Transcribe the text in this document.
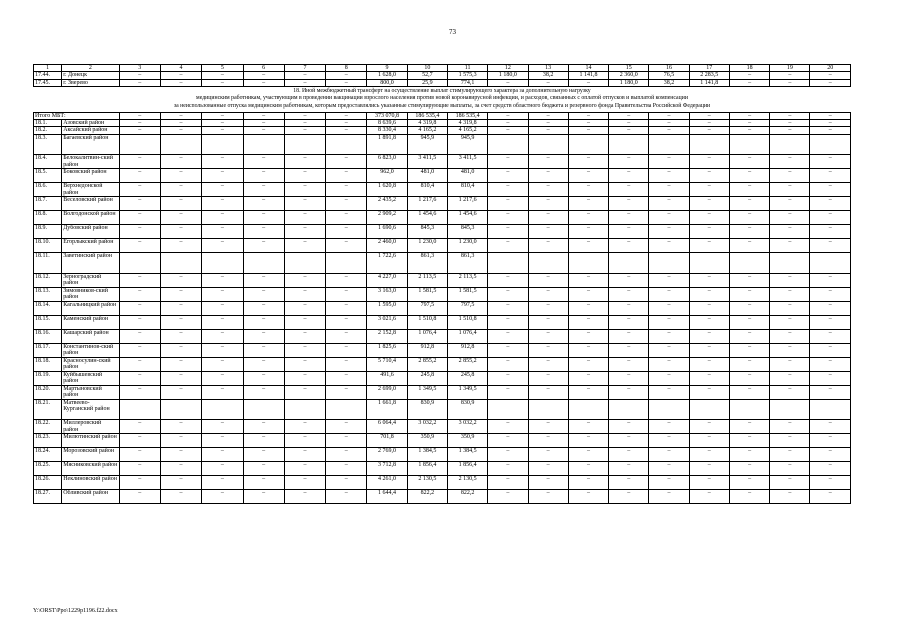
73
1	2	3	4	5	6	7	8	9	10	11	12	13	14	15	16	17	18	19	20
17.44.	г. Донецк	–	–	–	–	–	–	1 628,0	52,7	1 575,3	1 180,0	38,2	1 141,8	2 360,0	76,5	2 283,5	–	–	–
17.45.	г. Зверево	–	–	–	–	–	–	800,0	25,9	774,1	–	–	–	1 180,0	38,2	1 141,8	–	–	–

18. Иной межбюджетный трансферт на осуществление выплат стимулирующего характера за дополнительную нагрузку
медицинским работникам, участвующим в проведении вакцинации взрослого населения против новой коронавирусной инфекции, и расходов, связанных с оплатой отпусков и выплатой компенсации
за неиспользованные отпуска медицинским работникам, которым предоставлялись указанные стимулирующие выплаты, за счет средств областного бюджета и резервного фонда Правительства Российской Федерации																			

Итого МБТ:		–	–	–	–	–	–	373 070,8	186 535,4	186 535,4	–	–	–	–	–	–	–	–	–
18.1.	Азовский район	–	–	–	–	–	–	8 639,6	4 319,8	4 319,8	–	–	–	–	–	–	–	–	–
18.2.	Аксайский район	–	–	–	–	–	–	8 330,4	4 165,2	4 165,2	–	–	–	–	–	–	–	–	–
18.3.	Багаевский район							1 891,8	945,9	945,9									
18.4.	Белокалитвин-ский район	–	–	–	–	–	–	6 823,0	3 411,5	3 411,5	–	–	–	–	–	–	–	–	–
18.5.	Боковский район	–	–	–	–	–	–	962,0	481,0	481,0	–	–	–	–	–	–	–	–	–
18.6.	Верхнедонской район	–	–	–	–	–	–	1 620,8	810,4	810,4	–	–	–	–	–	–	–	–	–
18.7.	Веселовский район	–	–	–	–	–	–	2 435,2	1 217,6	1 217,6	–	–	–	–	–	–	–	–	–
18.8.	Волгодонской район	–	–	–	–	–	–	2 909,2	1 454,6	1 454,6	–	–	–	–	–	–	–	–	–
18.9.	Дубовский район	–	–	–	–	–	–	1 690,6	845,3	845,3	–	–	–	–	–	–	–	–	–
18.10.	Егорлыкский район	–	–	–	–	–	–	2 460,0	1 230,0	1 230,0	–	–	–	–	–	–	–	–	–
18.11.	Заветинский район							1 722,6	861,3	861,3									
18.12.	Зерноградский район	–	–	–	–	–	–	4 227,0	2 113,5	2 113,5	–	–	–	–	–	–	–	–	–
18.13.	Зимовников-ский район	–	–	–	–	–	–	3 163,0	1 581,5	1 581,5	–	–	–	–	–	–	–	–	–
18.14.	Кагальницкий район	–	–	–	–	–	–	1 595,0	797,5	797,5	–	–	–	–	–	–	–	–	–
18.15.	Каменский район	–	–	–	–	–	–	3 021,6	1 510,8	1 510,8	–	–	–	–	–	–	–	–	–
18.16.	Кашарский район	–	–	–	–	–	–	2 152,8	1 076,4	1 076,4	–	–	–	–	–	–	–	–	–
18.17.	Константинов-ский район	–	–	–	–	–	–	1 825,6	912,8	912,8	–	–	–	–	–	–	–	–	–
18.18.	Красносулин-ский район	–	–	–	–	–	–	5 710,4	2 855,2	2 855,2	–	–	–	–	–	–	–	–	–
18.19.	Куйбышевский район	–	–	–	–	–	–	491,6	245,8	245,8	–	–	–	–	–	–	–	–	–
18.20.	Мартыновский район	–	–	–	–	–	–	2 699,0	1 349,5	1 349,5	–	–	–	–	–	–	–	–	–
18.21.	Матвеево-Курганский район							1 661,8	830,9	830,9									
18.22.	Миллеровский район	–	–	–	–	–	–	6 064,4	3 032,2	3 032,2	–	–	–	–	–	–	–	–	–
18.23.	Милютинский район	–	–	–	–	–	–	701,8	350,9	350,9	–	–	–	–	–	–	–	–	–
18.24.	Морозовский район	–	–	–	–	–	–	2 769,0	1 384,5	1 384,5	–	–	–	–	–	–	–	–	–
18.25.	Мясниковский район	–	–	–	–	–	–	3 712,8	1 856,4	1 856,4	–	–	–	–	–	–	–	–	–
18.26.	Неклиновский район	–	–	–	–	–	–	4 261,0	2 130,5	2 130,5	–	–	–	–	–	–	–	–	–
18.27.	Обливский район	–	–	–	–	–	–	1 644,4	822,2	822,2	–	–	–	–	–	–	–	–	–
Y:\ORST\Ppo\1229p1196.f22.docx
